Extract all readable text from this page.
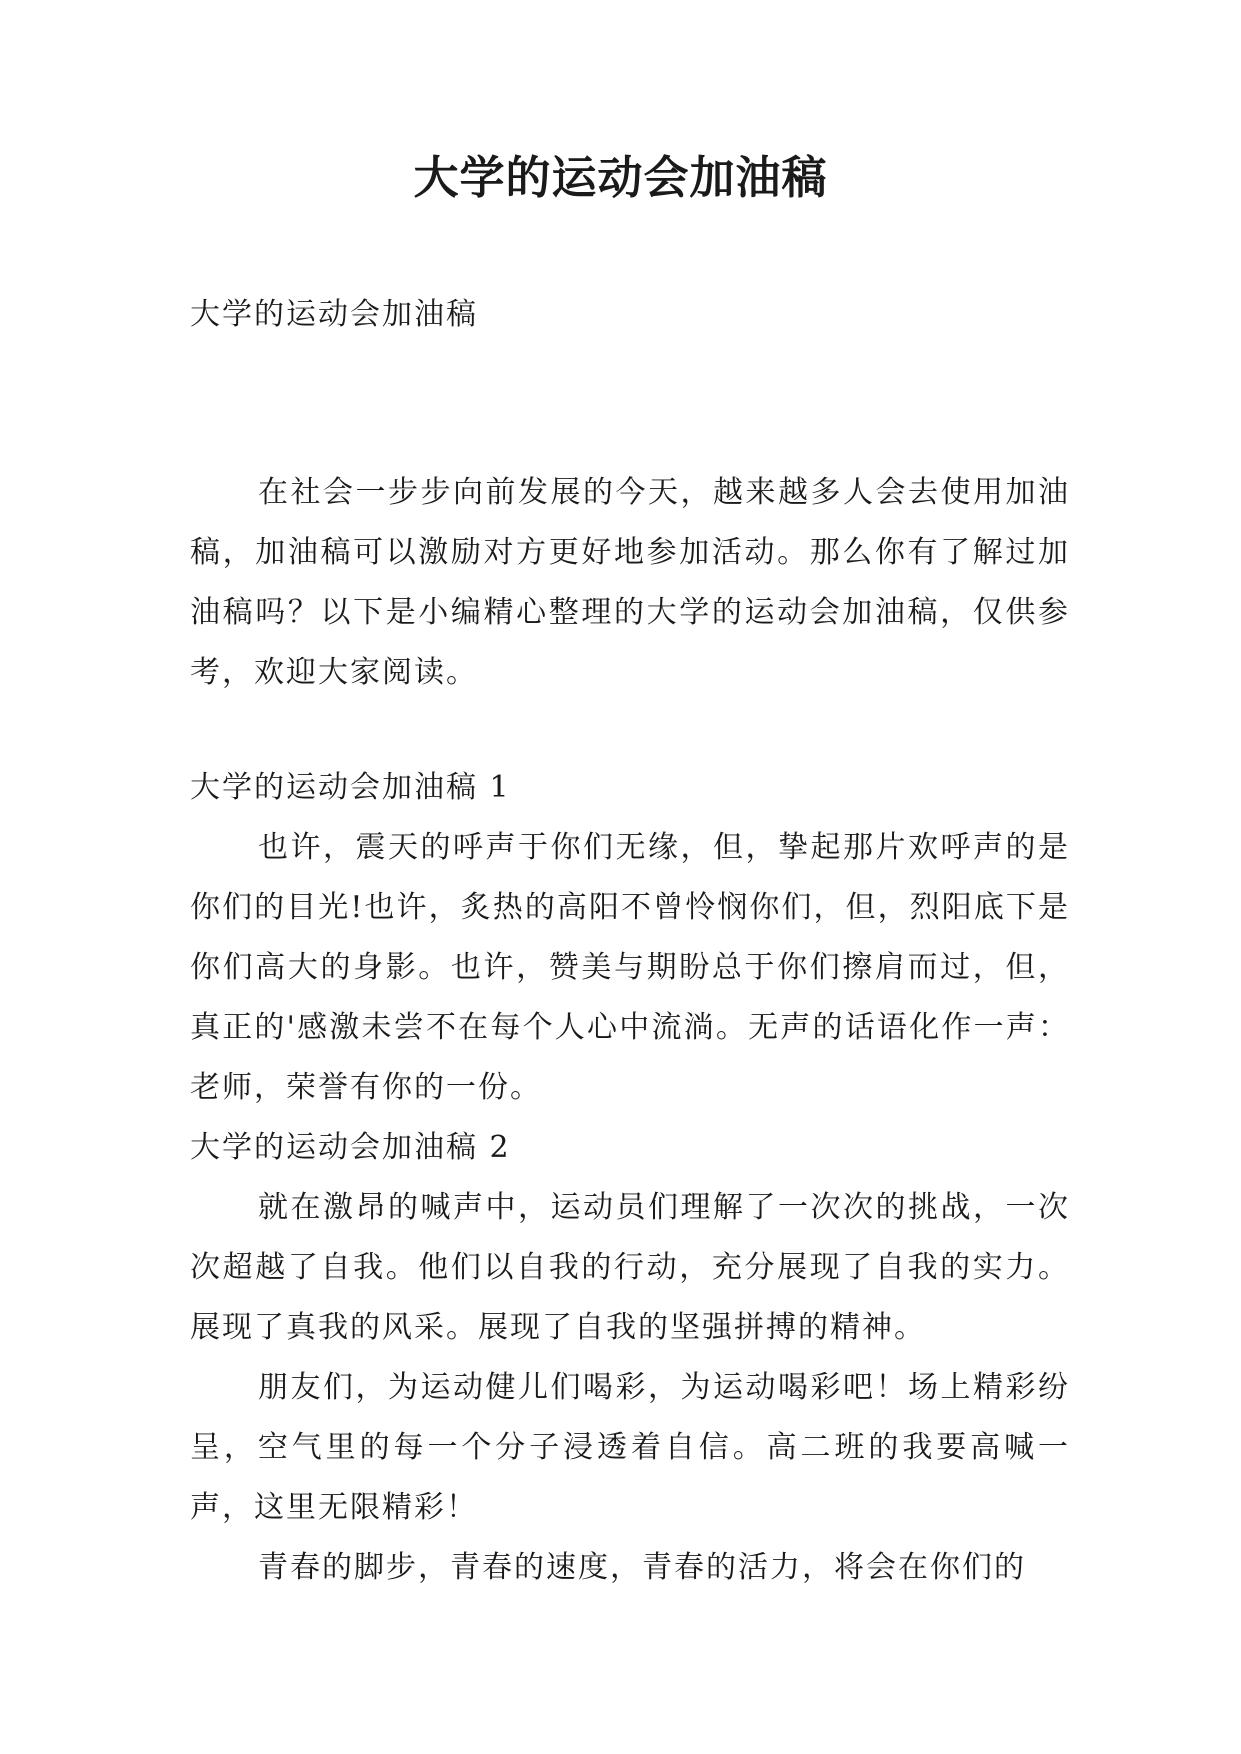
大学的运动会加油稿

大学的运动会加油稿

在社会一步步向前发展的今天，越来越多人会去使用加油稿，加油稿可以激励对方更好地参加活动。那么你有了解过加油稿吗？以下是小编精心整理的大学的运动会加油稿，仅供参考，欢迎大家阅读。

大学的运动会加油稿 1

也许，震天的呼声于你们无缘，但，挚起那片欢呼声的是你们的目光!也许，炙热的高阳不曾怜悯你们，但，烈阳底下是你们高大的身影。也许，赞美与期盼总于你们擦肩而过，但，真正的'感激未尝不在每个人心中流淌。无声的话语化作一声：老师，荣誉有你的一份。

大学的运动会加油稿 2

就在激昂的喊声中，运动员们理解了一次次的挑战，一次次超越了自我。他们以自我的行动，充分展现了自我的实力。展现了真我的风采。展现了自我的坚强拼搏的精神。

朋友们，为运动健儿们喝彩，为运动喝彩吧！场上精彩纷呈，空气里的每一个分子浸透着自信。高二班的我要高喊一声，这里无限精彩！

青春的脚步，青春的速度，青春的活力，将会在你们的
